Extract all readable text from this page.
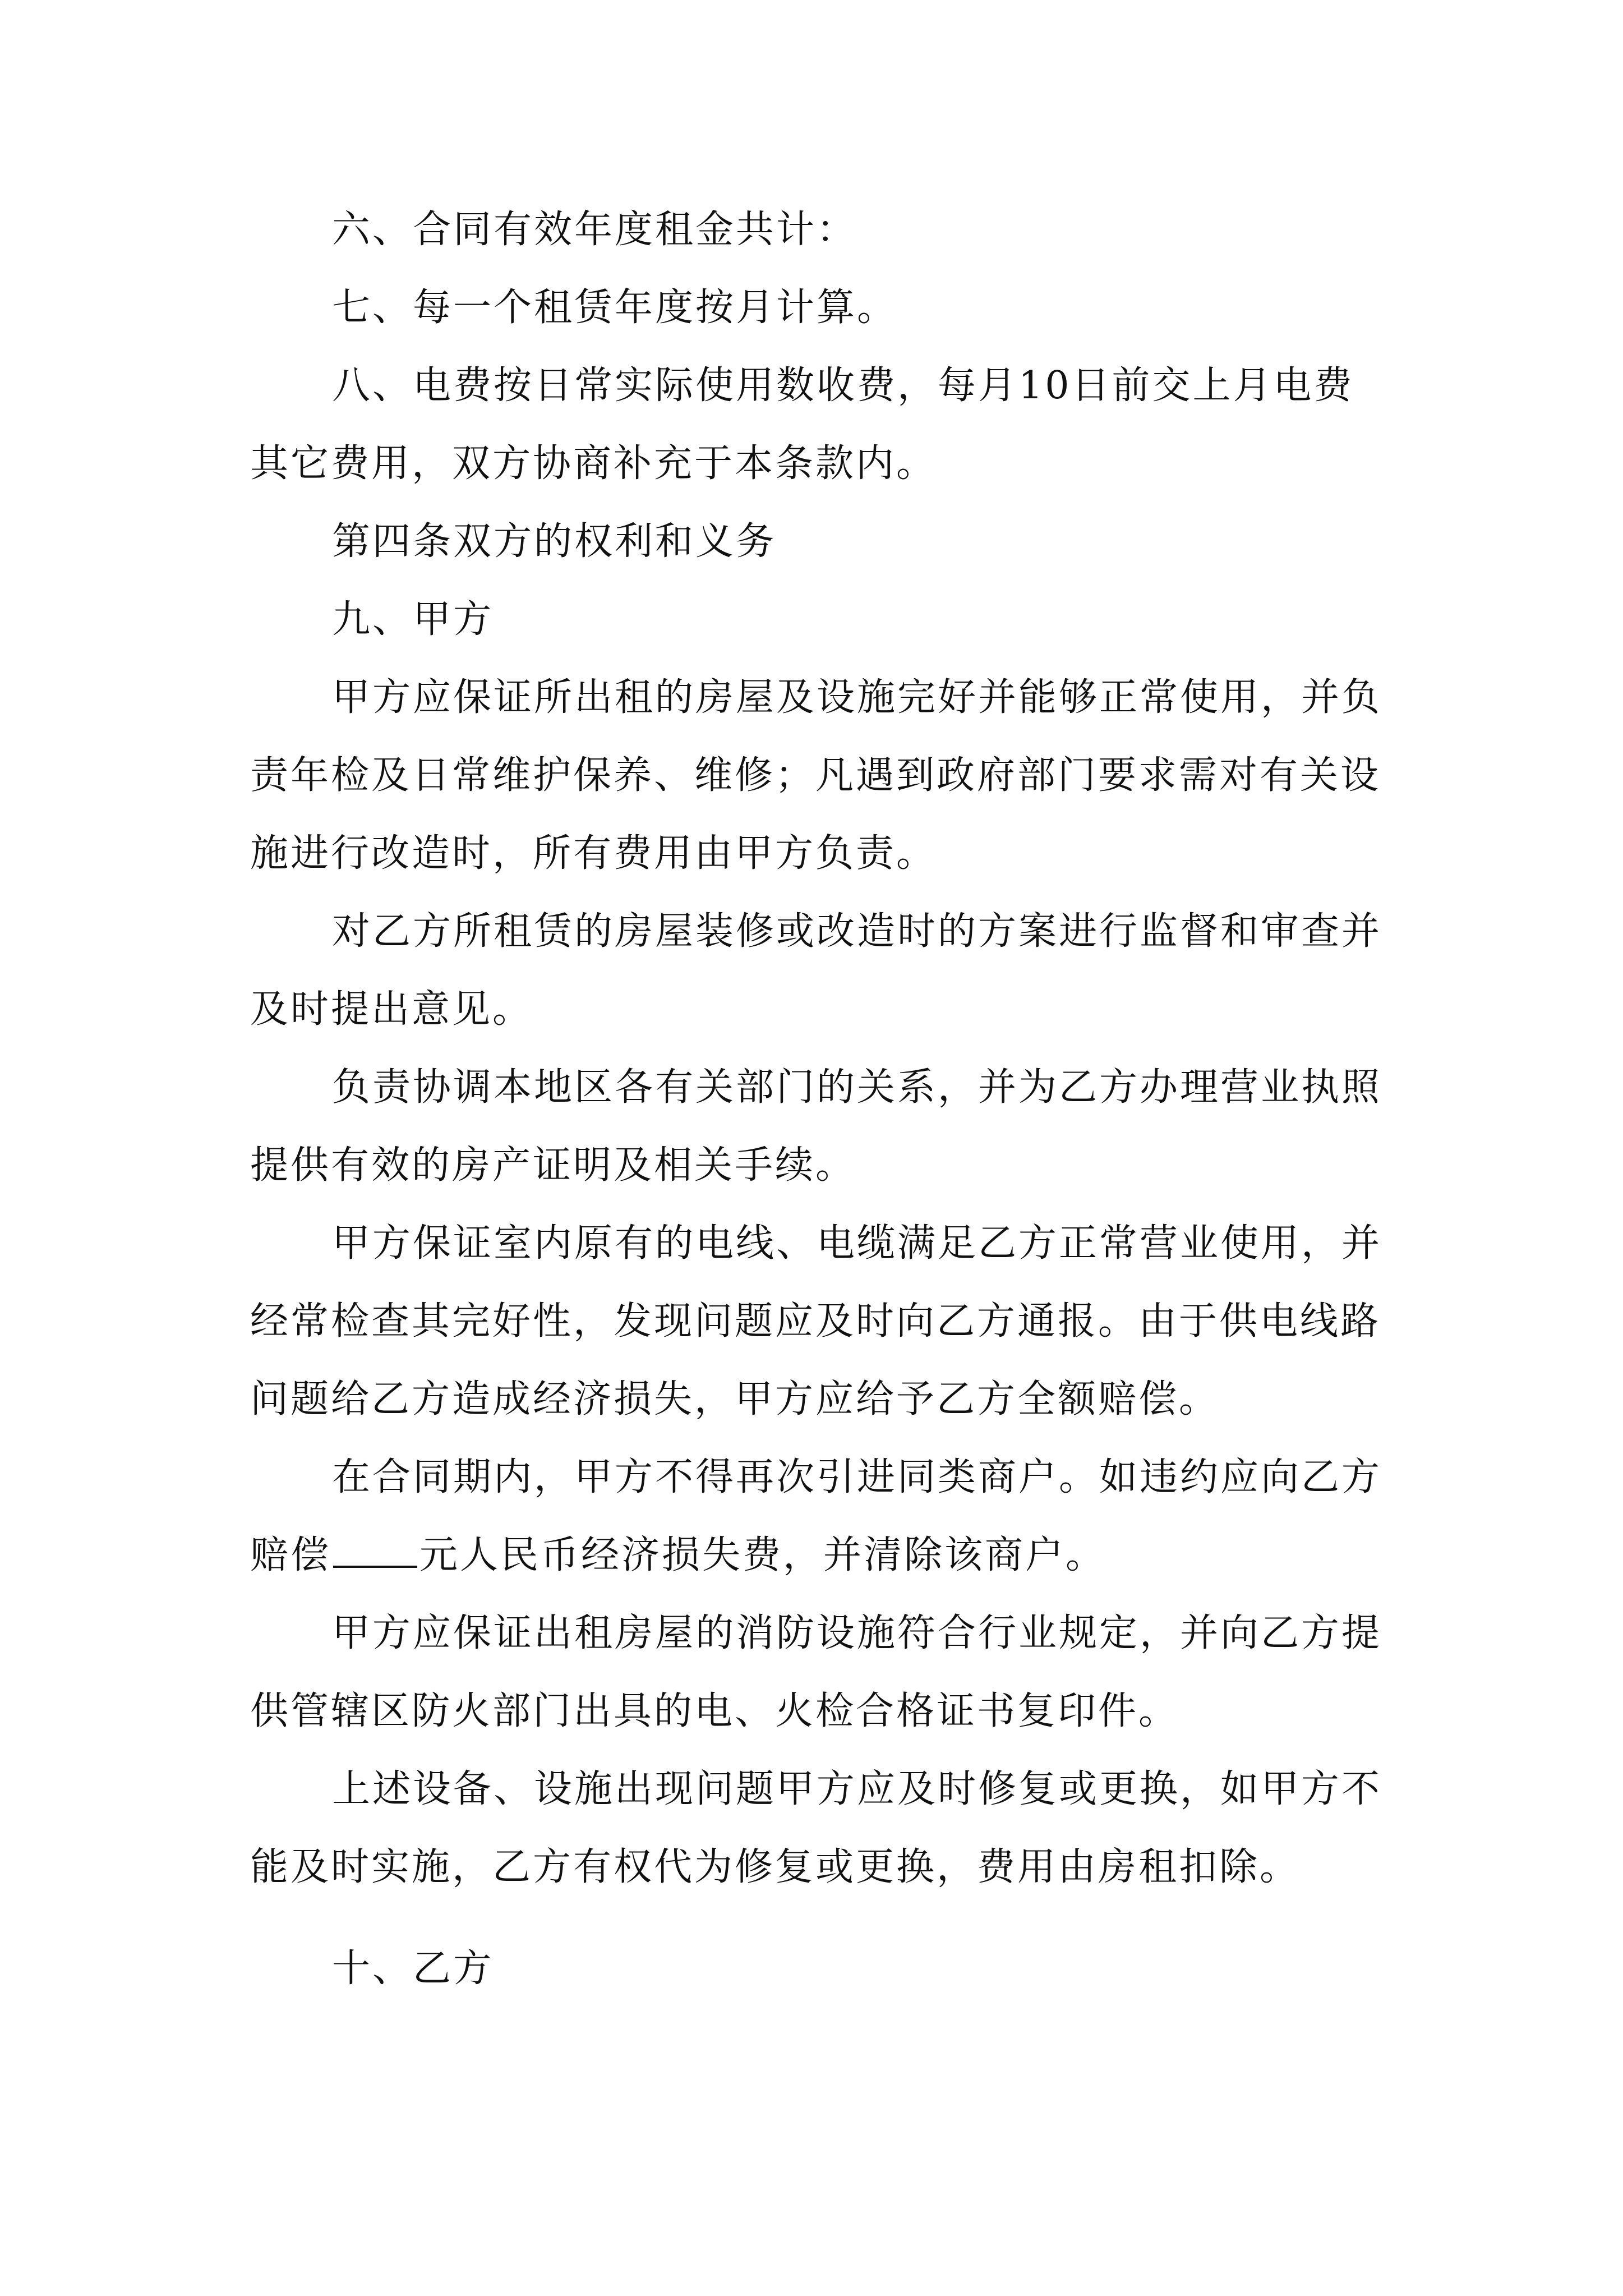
六、合同有效年度租金共计：

七、每一个租赁年度按月计算。

八、电费按日常实际使用数收费，每月10日前交上月电费其它费用，双方协商补充于本条款内。

第四条双方的权利和义务

九、甲方

甲方应保证所出租的房屋及设施完好并能够正常使用，并负责年检及日常维护保养、维修；凡遇到政府部门要求需对有关设施进行改造时，所有费用由甲方负责。

对乙方所租赁的房屋装修或改造时的方案进行监督和审查并及时提出意见。

负责协调本地区各有关部门的关系，并为乙方办理营业执照提供有效的房产证明及相关手续。

甲方保证室内原有的电线、电缆满足乙方正常营业使用，并经常检查其完好性，发现问题应及时向乙方通报。由于供电线路问题给乙方造成经济损失，甲方应给予乙方全额赔偿。

在合同期内，甲方不得再次引进同类商户。如违约应向乙方赔偿 元人民币经济损失费，并清除该商户。

甲方应保证出租房屋的消防设施符合行业规定，并向乙方提供管辖区防火部门出具的电、火检合格证书复印件。

上述设备、设施出现问题甲方应及时修复或更换，如甲方不能及时实施，乙方有权代为修复或更换，费用由房租扣除。

十、乙方
